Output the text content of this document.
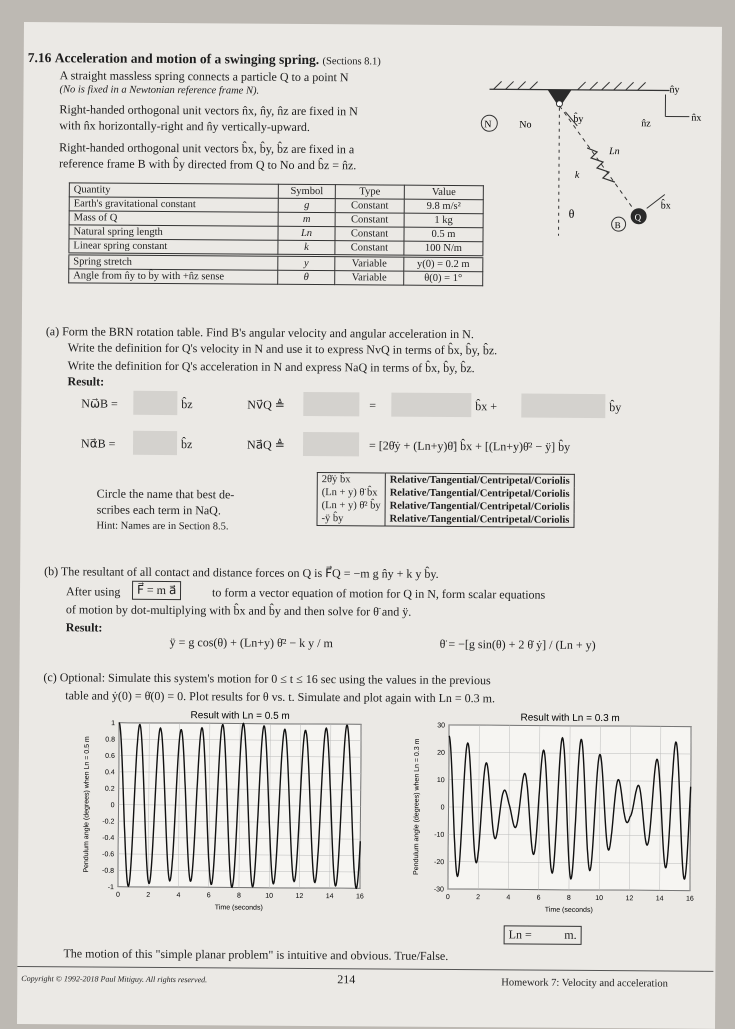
7.16 Acceleration and motion of a swinging spring. (Sections 8.1)
A straight massless spring connects a particle Q to a point N
(No is fixed in a Newtonian reference frame N).
Right-handed orthogonal unit vectors n̂x, n̂y, n̂z are fixed in N
with n̂x horizontally-right and n̂y vertically-upward.
Right-handed orthogonal unit vectors b̂x, b̂y, b̂z are fixed in a
reference frame B with b̂y directed from Q to No and b̂z = n̂z.
Q
B
N	No
n̂y
n̂x
n̂z
b̂y
Ln
k
θ
b̂x
Quantity	Symbol	Type	Value
Earth's gravitational constant	g	Constant	9.8 m/s²
Mass of Q	m	Constant	1 kg
Natural spring length	Ln	Constant	0.5 m
Linear spring constant	k	Constant	100 N/m
Spring stretch	y	Variable	y(0) = 0.2 m
Angle from n̂y to b̂y with +n̂z sense	θ	Variable	θ(0) = 1°
(a) Form the BRN rotation table. Find B's angular velocity and angular acceleration in N.
Write the definition for Q's velocity in N and use it to express NvQ in terms of b̂x, b̂y, b̂z.
Write the definition for Q's acceleration in N and express NaQ in terms of b̂x, b̂y, b̂z.
Result:
Nω⃗B =	b̂z	Nv⃗Q ≜	=	b̂x +	b̂y
Nα⃗B =	b̂z	Na⃗Q ≜	= [2θ̇ẏ + (Ln+y)θ̈] b̂x + [(Ln+y)θ̇² − ÿ] b̂y
Circle the name that best de-
scribes each term in NaQ.
Hint: Names are in Section 8.5.
2θ̇ẏ b̂x	Relative/Tangential/Centripetal/Coriolis
(Ln + y) θ̈ b̂x	Relative/Tangential/Centripetal/Coriolis
(Ln + y) θ̇² b̂y	Relative/Tangential/Centripetal/Coriolis
-ÿ b̂y	Relative/Tangential/Centripetal/Coriolis
(b) The resultant of all contact and distance forces on Q is F⃗Q = −m g n̂y + k y b̂y.
After using	F⃗ = m a⃗	to form a vector equation of motion for Q in N, form scalar equations
of motion by dot-multiplying with b̂x and b̂y and then solve for θ̈ and ÿ.
Result:
ÿ = g cos(θ) + (Ln+y) θ̇² − k y / m	θ̈ = −[g sin(θ) + 2 θ̇ ẏ] / (Ln + y)
(c) Optional: Simulate this system's motion for 0 ≤ t ≤ 16 sec using the values in the previous
table and ẏ(0) = θ̇(0) = 0. Plot results for θ vs. t. Simulate and plot again with Ln = 0.3 m.
Result with Ln = 0.5 m
0	2	4	6	8	10	12	14	16
-1
-0.8
-0.6
-0.4
-0.2
0
0.2
0.4
0.6
0.8
1
Time (seconds)
Pendulum angle (degrees) when Ln = 0.5 m
Result with Ln = 0.3 m
0	2	4	6	8	10	12	14	16
-30
-20
-10
0
10
20
30
Time (seconds)
Pendulum angle (degrees) when Ln = 0.3 m
Ln =	m.
The motion of this "simple planar problem" is intuitive and obvious. True/False.
Copyright © 1992-2018 Paul Mitiguy. All rights reserved.	214	Homework 7: Velocity and acceleration
